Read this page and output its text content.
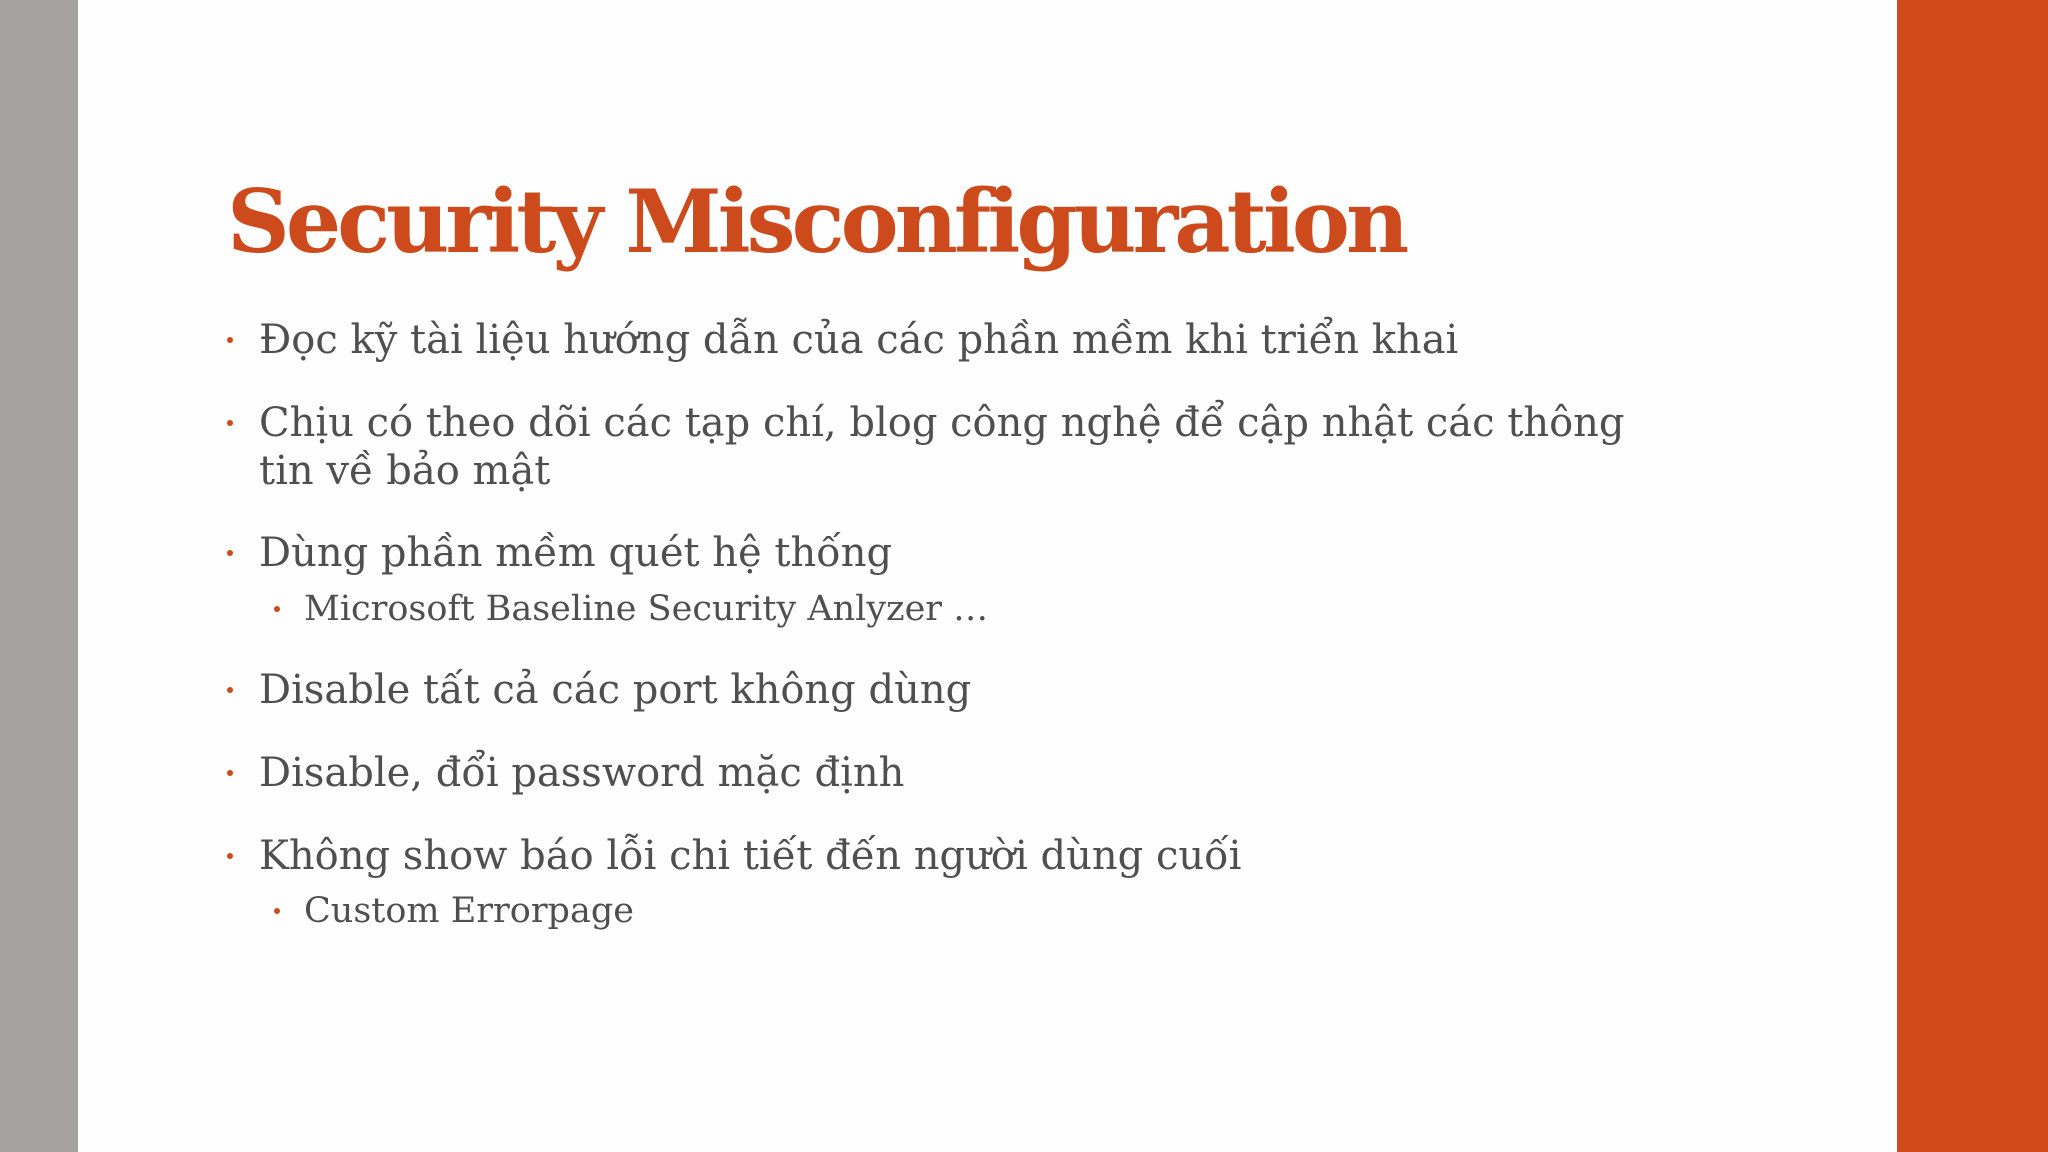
Security Misconfiguration
Đọc kỹ tài liệu hướng dẫn của các phần mềm khi triển khai
Chịu có theo dõi các tạp chí, blog công nghệ để cập nhật các thông tin về bảo mật
Dùng phần mềm quét hệ thống
Microsoft Baseline Security Anlyzer …
Disable tất cả các port không dùng
Disable, đổi password mặc định
Không show báo lỗi chi tiết đến người dùng cuối
Custom Errorpage
